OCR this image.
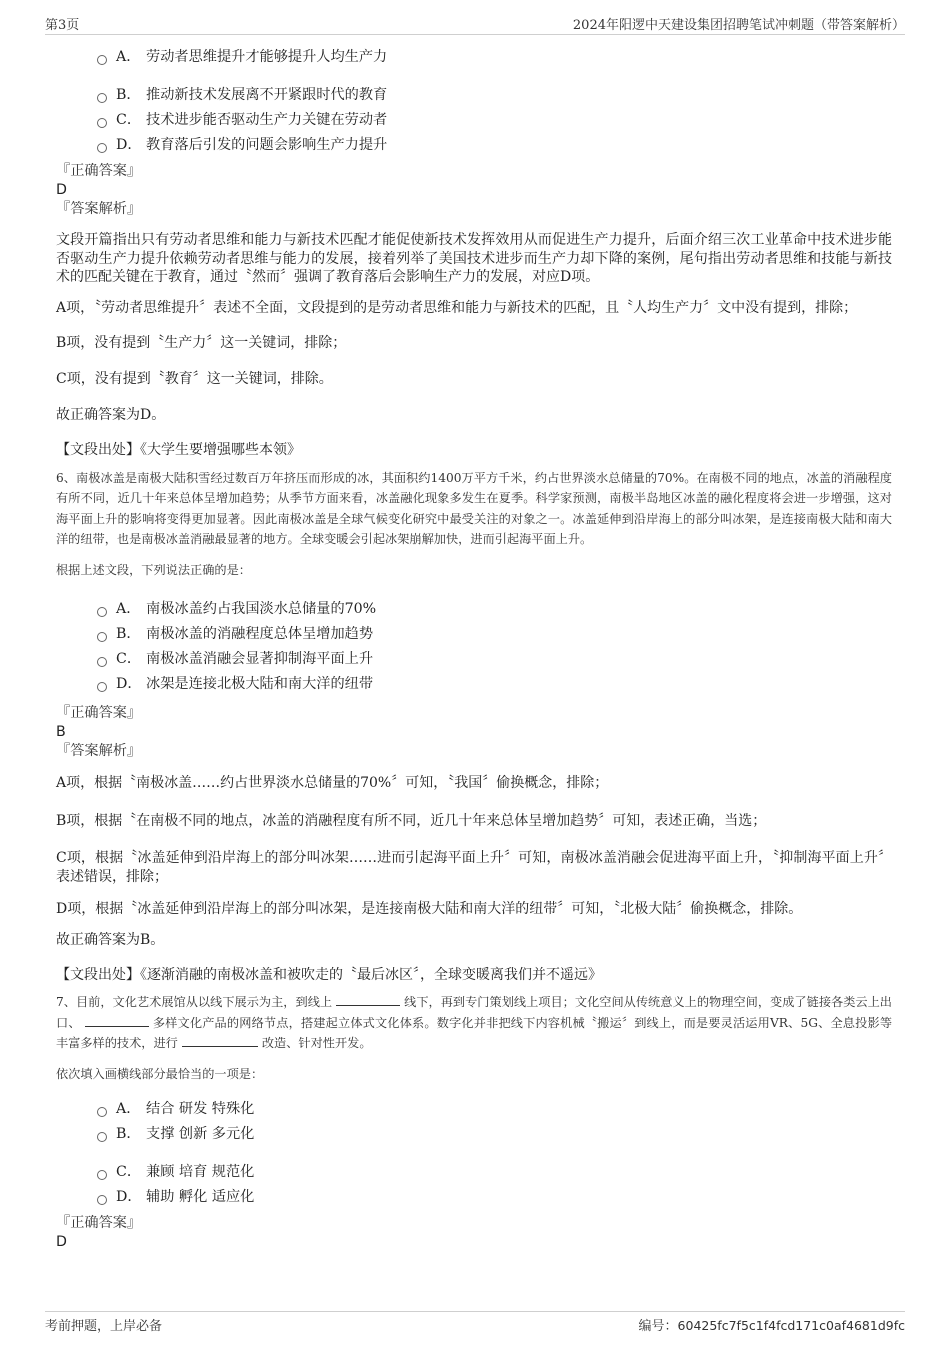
第3页	2024年阳逻中天建设集团招聘笔试冲刺题（带答案解析）
A． 劳动者思维提升才能够提升人均生产力
B． 推动新技术发展离不开紧跟时代的教育
C． 技术进步能否驱动生产力关键在劳动者
D． 教育落后引发的问题会影响生产力提升
『正确答案』
D
『答案解析』

文段开篇指出只有劳动者思维和能力与新技术匹配才能促使新技术发挥效用从而促进生产力提升，后面介绍三次工业革命中技术进步能否驱动生产力提升依赖劳动者思维与能力的发展，接着列举了美国技术进步而生产力却下降的案例，尾句指出劳动者思维和技能与新技术的匹配关键在于教育，通过〝然而〞强调了教育落后会影响生产力的发展，对应D项。

A项，〝劳动者思维提升〞表述不全面，文段提到的是劳动者思维和能力与新技术的匹配，且〝人均生产力〞文中没有提到，排除；

B项，没有提到〝生产力〞这一关键词，排除；

C项，没有提到〝教育〞这一关键词，排除。

故正确答案为D。

【文段出处】《大学生要增强哪些本领》

6、南极冰盖是南极大陆积雪经过数百万年挤压而形成的冰，其面积约1400万平方千米，约占世界淡水总储量的70%。在南极不同的地点，冰盖的消融程度有所不同，近几十年来总体呈增加趋势；从季节方面来看，冰盖融化现象多发生在夏季。科学家预测，南极半岛地区冰盖的融化程度将会进一步增强，这对海平面上升的影响将变得更加显著。因此南极冰盖是全球气候变化研究中最受关注的对象之一。冰盖延伸到沿岸海上的部分叫冰架，是连接南极大陆和南大洋的纽带，也是南极冰盖消融最显著的地方。全球变暖会引起冰架崩解加快，进而引起海平面上升。

根据上述文段，下列说法正确的是：

A． 南极冰盖约占我国淡水总储量的70%
B． 南极冰盖的消融程度总体呈增加趋势
C． 南极冰盖消融会显著抑制海平面上升
D． 冰架是连接北极大陆和南大洋的纽带
『正确答案』
B
『答案解析』

A项，根据〝南极冰盖……约占世界淡水总储量的70%〞可知，〝我国〞偷换概念，排除；

B项，根据〝在南极不同的地点，冰盖的消融程度有所不同，近几十年来总体呈增加趋势〞可知，表述正确，当选；

C项，根据〝冰盖延伸到沿岸海上的部分叫冰架……进而引起海平面上升〞可知，南极冰盖消融会促进海平面上升，〝抑制海平面上升〞表述错误，排除；

D项，根据〝冰盖延伸到沿岸海上的部分叫冰架，是连接南极大陆和南大洋的纽带〞可知，〝北极大陆〞偷换概念，排除。

故正确答案为B。

【文段出处】《逐渐消融的南极冰盖和被吹走的〝最后冰区〞，全球变暖离我们并不遥远》

7、目前，文化艺术展馆从以线下展示为主，到线上	线下，再到专门策划线上项目；文化空间从传统意义上的物理空间，变成了链接各类云上出口、	多样文化产品的网络节点，搭建起立体式文化体系。数字化并非把线下内容机械〝搬运〞到线上，而是要灵活运用VR、5G、全息投影等丰富多样的技术，进行	改造、针对性开发。

依次填入画横线部分最恰当的一项是：

A． 结合 研发 特殊化
B． 支撑 创新 多元化
C． 兼顾 培育 规范化
D． 辅助 孵化 适应化
『正确答案』
D
考前押题，上岸必备	编号：60425fc7f5c1f4fcd171c0af4681d9fc
